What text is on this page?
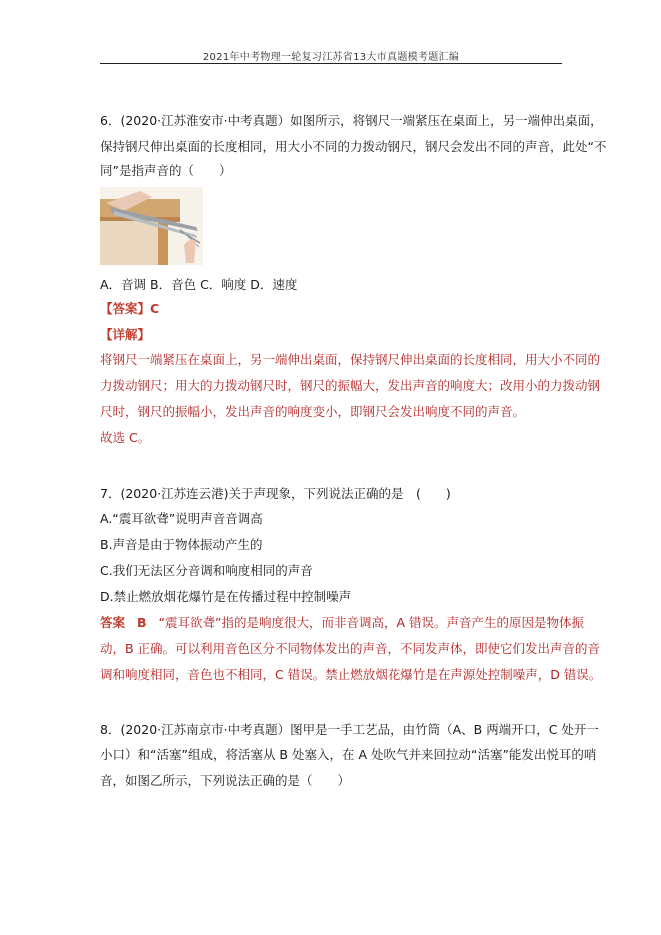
2021年中考物理一轮复习江苏省13大市真题模考题汇编
6．(2020·江苏淮安市·中考真题）如图所示，将钢尺一端紧压在桌面上，另一端伸出桌面，
保持钢尺伸出桌面的长度相同，用大小不同的力拨动钢尺，钢尺会发出不同的声音，此处“不
同”是指声音的（　　）
A．音调 B．音色 C．响度 D．速度
【答案】C
【详解】
将钢尺一端紧压在桌面上，另一端伸出桌面，保持钢尺伸出桌面的长度相同，用大小不同的
力拨动钢尺；用大的力拨动钢尺时，钢尺的振幅大，发出声音的响度大；改用小的力拨动钢
尺时，钢尺的振幅小，发出声音的响度变小，即钢尺会发出响度不同的声音。
故选 C。
7．(2020·江苏连云港)关于声现象，下列说法正确的是　(　　)
A.“震耳欲聋”说明声音音调高
B.声音是由于物体振动产生的
C.我们无法区分音调和响度相同的声音
D.禁止燃放烟花爆竹是在传播过程中控制噪声
答案 B “震耳欲聋”指的是响度很大，而非音调高，A 错误。声音产生的原因是物体振
动，B 正确。可以利用音色区分不同物体发出的声音，不同发声体，即使它们发出声音的音
调和响度相同，音色也不相同，C 错误。禁止燃放烟花爆竹是在声源处控制噪声，D 错误。
8．(2020·江苏南京市·中考真题）图甲是一手工艺品，由竹筒（A、B 两端开口，C 处开一
小口）和“活塞”组成，将活塞从 B 处塞入，在 A 处吹气并来回拉动“活塞”能发出悦耳的哨
音，如图乙所示，下列说法正确的是（　　）
